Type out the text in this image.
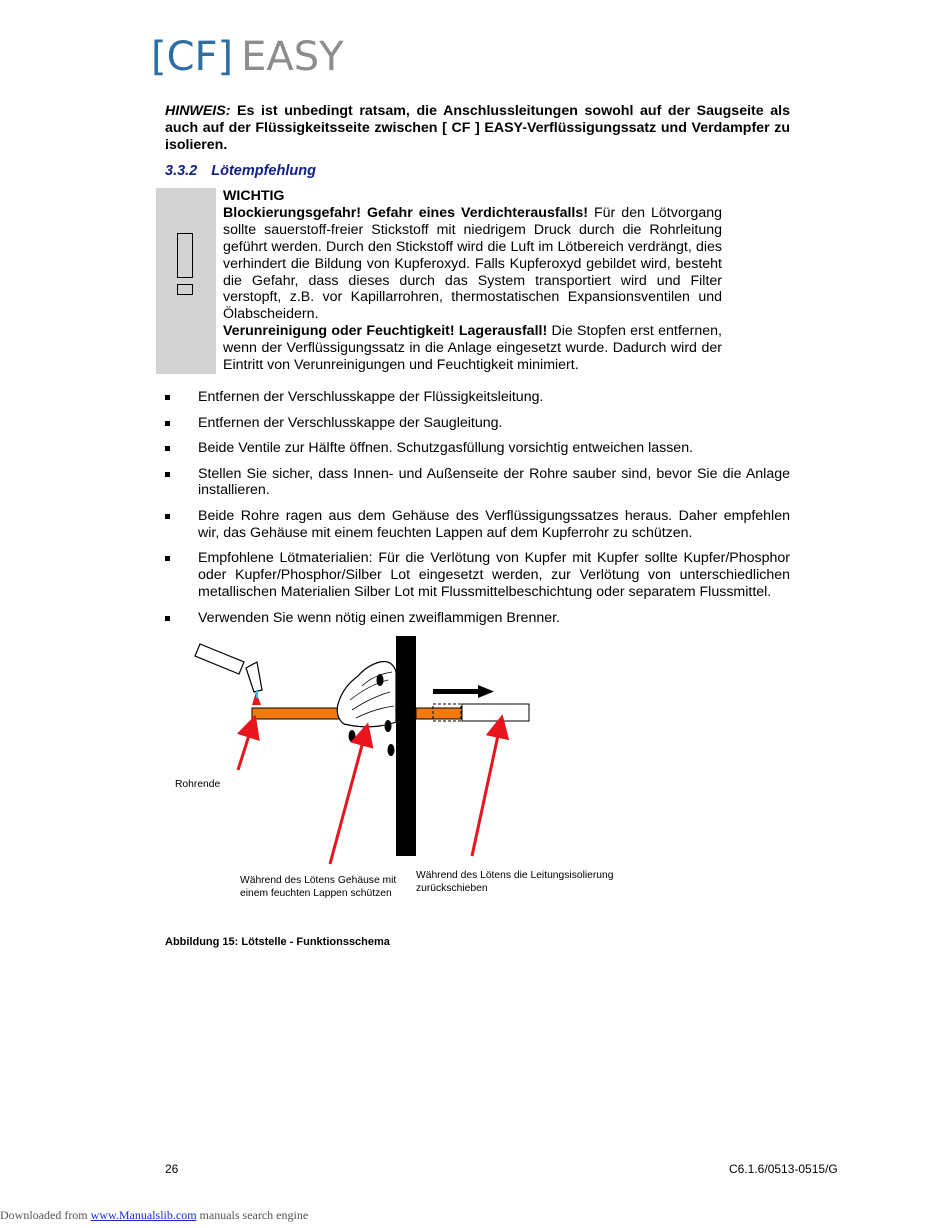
[CF] EASY
HINWEIS: Es ist unbedingt ratsam, die Anschlussleitungen sowohl auf der Saugseite als auch auf der Flüssigkeitsseite zwischen [ CF ] EASY-Verflüssigungssatz und Verdampfer zu isolieren.
3.3.2 Lötempfehlung
WICHTIG
Blockierungsgefahr! Gefahr eines Verdichterausfalls! Für den Lötvorgang sollte sauerstoff-freier Stickstoff mit niedrigem Druck durch die Rohrleitung geführt werden. Durch den Stickstoff wird die Luft im Lötbereich verdrängt, dies verhindert die Bildung von Kupferoxyd. Falls Kupferoxyd gebildet wird, besteht die Gefahr, dass dieses durch das System transportiert wird und Filter verstopft, z.B. vor Kapillarrohren, thermostatischen Expansionsventilen und Ölabscheidern.
Verunreinigung oder Feuchtigkeit! Lagerausfall! Die Stopfen erst entfernen, wenn der Verflüssigungssatz in die Anlage eingesetzt wurde. Dadurch wird der Eintritt von Verunreinigungen und Feuchtigkeit minimiert.
Entfernen der Verschlusskappe der Flüssigkeitsleitung.
Entfernen der Verschlusskappe der Saugleitung.
Beide Ventile zur Hälfte öffnen. Schutzgasfüllung vorsichtig entweichen lassen.
Stellen Sie sicher, dass Innen- und Außenseite der Rohre sauber sind, bevor Sie die Anlage installieren.
Beide Rohre ragen aus dem Gehäuse des Verflüssigungssatzes heraus. Daher empfehlen wir, das Gehäuse mit einem feuchten Lappen auf dem Kupferrohr zu schützen.
Empfohlene Lötmaterialien: Für die Verlötung von Kupfer mit Kupfer sollte Kupfer/Phosphor oder Kupfer/Phosphor/Silber Lot eingesetzt werden, zur Verlötung von unterschiedlichen metallischen Materialien Silber Lot mit Flussmittelbeschichtung oder separatem Flussmittel.
Verwenden Sie wenn nötig einen zweiflammigen Brenner.
Rohrende
Während des Lötens Gehäuse mit
einem feuchten Lappen schützen
Während des Lötens die Leitungsisolierung
zurückschieben
Abbildung 15: Lötstelle - Funktionsschema
26	C6.1.6/0513-0515/G
Downloaded from www.Manualslib.com manuals search engine
